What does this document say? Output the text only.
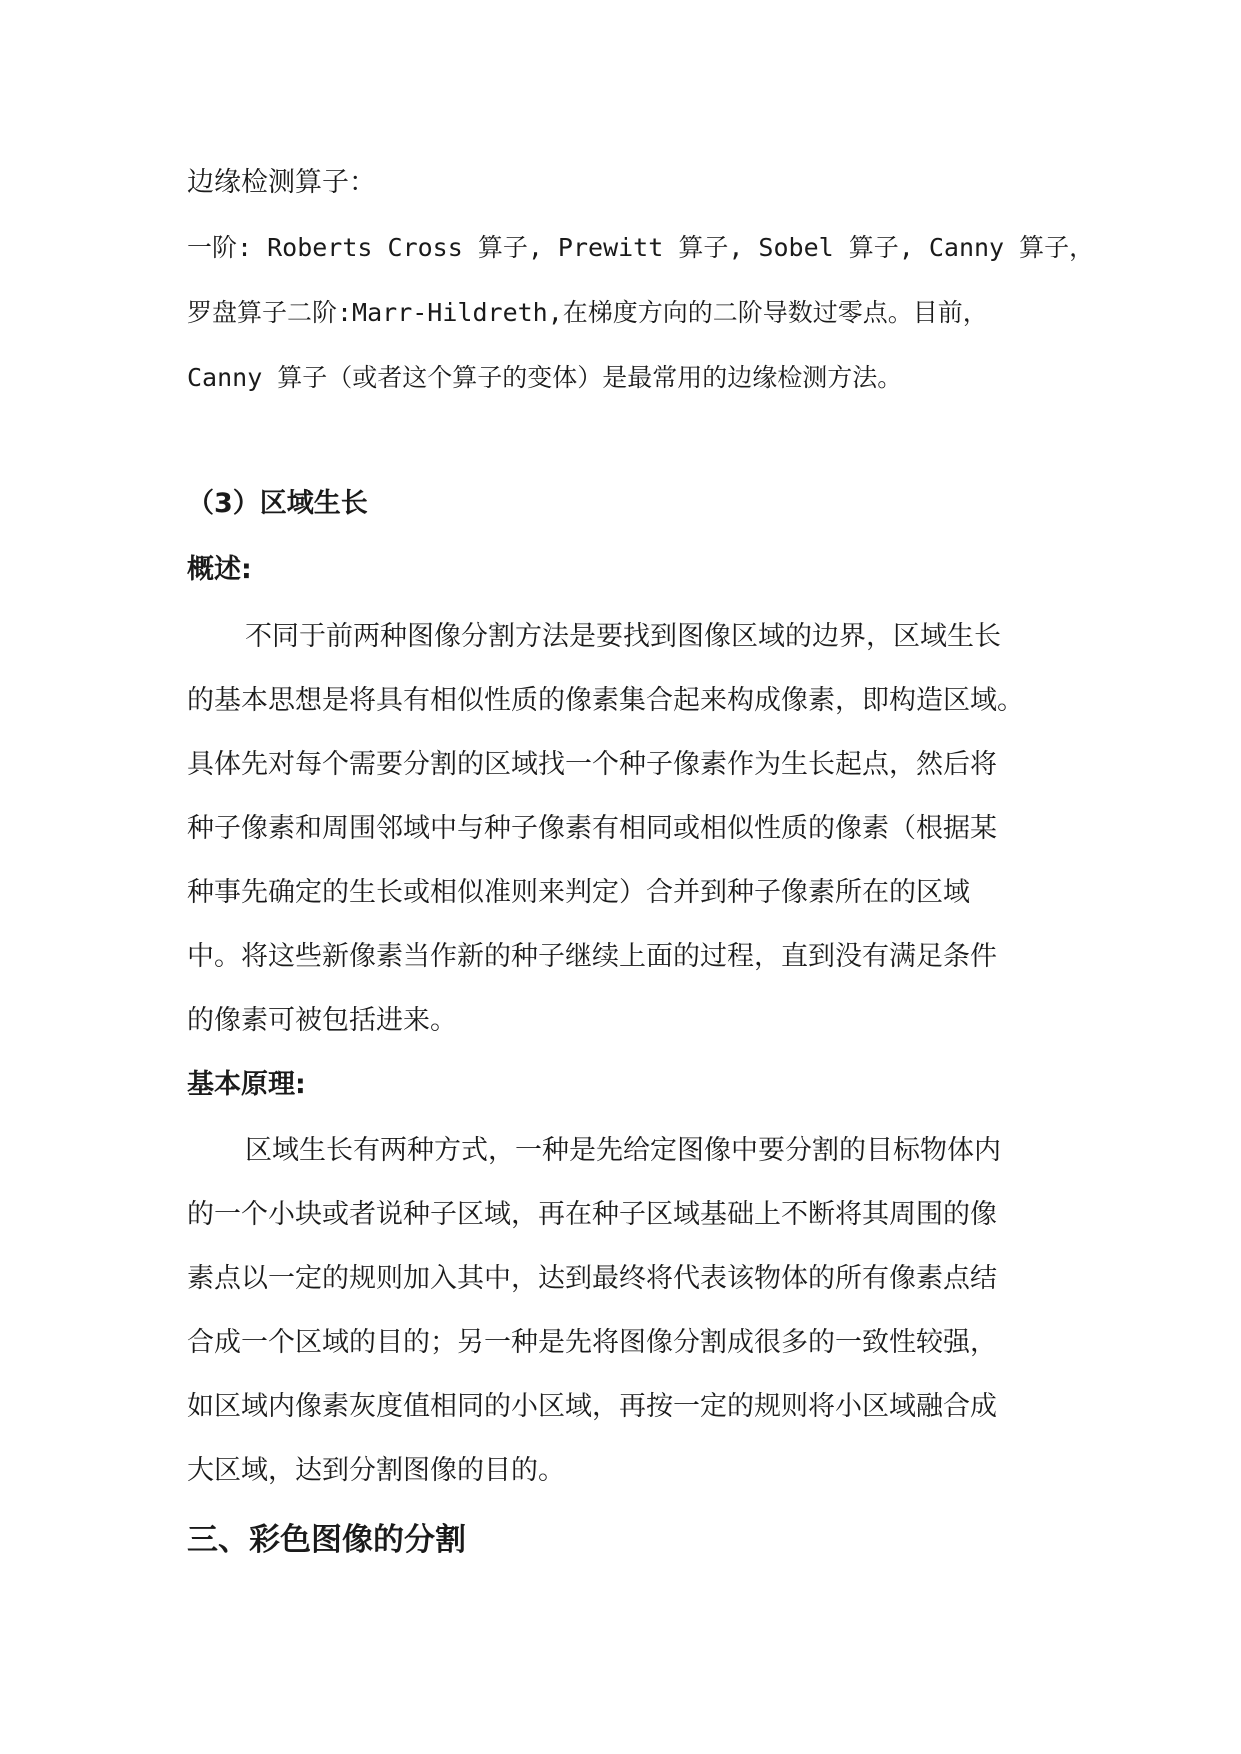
边缘检测算子：
一阶: Roberts Cross 算子, Prewitt 算子, Sobel 算子, Canny 算子，
罗盘算子二阶:Marr-Hildreth,在梯度方向的二阶导数过零点。目前，
Canny 算子（或者这个算子的变体）是最常用的边缘检测方法。
（3）区域生长
概述:
不同于前两种图像分割方法是要找到图像区域的边界，区域生长
的基本思想是将具有相似性质的像素集合起来构成像素，即构造区域。
具体先对每个需要分割的区域找一个种子像素作为生长起点，然后将
种子像素和周围邻域中与种子像素有相同或相似性质的像素（根据某
种事先确定的生长或相似准则来判定）合并到种子像素所在的区域
中。将这些新像素当作新的种子继续上面的过程，直到没有满足条件
的像素可被包括进来。
基本原理:
区域生长有两种方式，一种是先给定图像中要分割的目标物体内
的一个小块或者说种子区域，再在种子区域基础上不断将其周围的像
素点以一定的规则加入其中，达到最终将代表该物体的所有像素点结
合成一个区域的目的；另一种是先将图像分割成很多的一致性较强，
如区域内像素灰度值相同的小区域，再按一定的规则将小区域融合成
大区域，达到分割图像的目的。
三、彩色图像的分割
